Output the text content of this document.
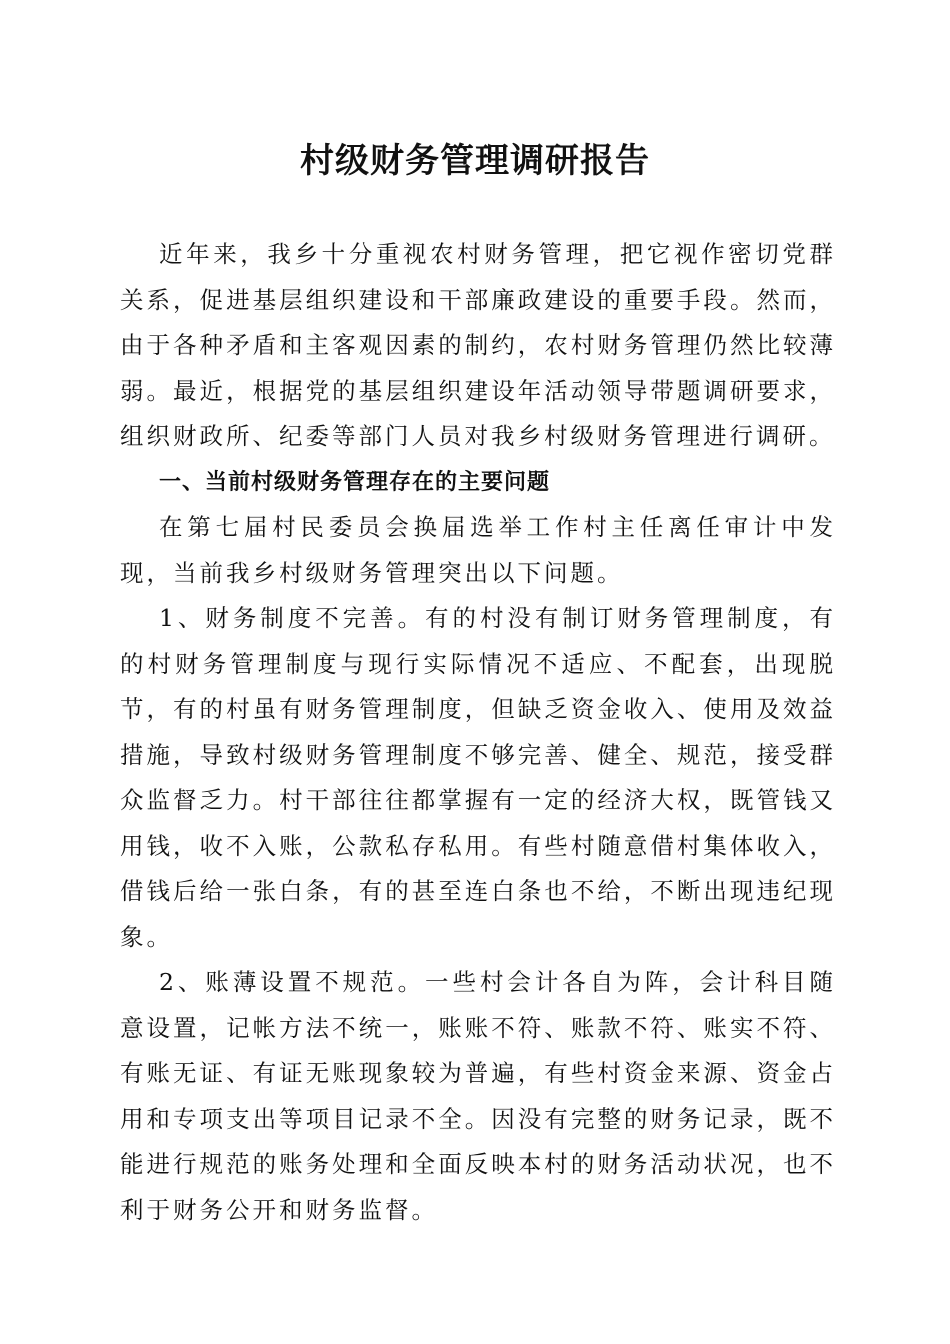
村级财务管理调研报告

近年来，我乡十分重视农村财务管理，把它视作密切党群关系，促进基层组织建设和干部廉政建设的重要手段。然而，由于各种矛盾和主客观因素的制约，农村财务管理仍然比较薄弱。最近，根据党的基层组织建设年活动领导带题调研要求，组织财政所、纪委等部门人员对我乡村级财务管理进行调研。

一、当前村级财务管理存在的主要问题

在第七届村民委员会换届选举工作村主任离任审计中发现，当前我乡村级财务管理突出以下问题。

1、财务制度不完善。有的村没有制订财务管理制度，有的村财务管理制度与现行实际情况不适应、不配套，出现脱节，有的村虽有财务管理制度，但缺乏资金收入、使用及效益措施，导致村级财务管理制度不够完善、健全、规范，接受群众监督乏力。村干部往往都掌握有一定的经济大权，既管钱又用钱，收不入账，公款私存私用。有些村随意借村集体收入，借钱后给一张白条，有的甚至连白条也不给，不断出现违纪现象。

2、账薄设置不规范。一些村会计各自为阵，会计科目随意设置，记帐方法不统一，账账不符、账款不符、账实不符、有账无证、有证无账现象较为普遍，有些村资金来源、资金占用和专项支出等项目记录不全。因没有完整的财务记录，既不能进行规范的账务处理和全面反映本村的财务活动状况，也不利于财务公开和财务监督。
